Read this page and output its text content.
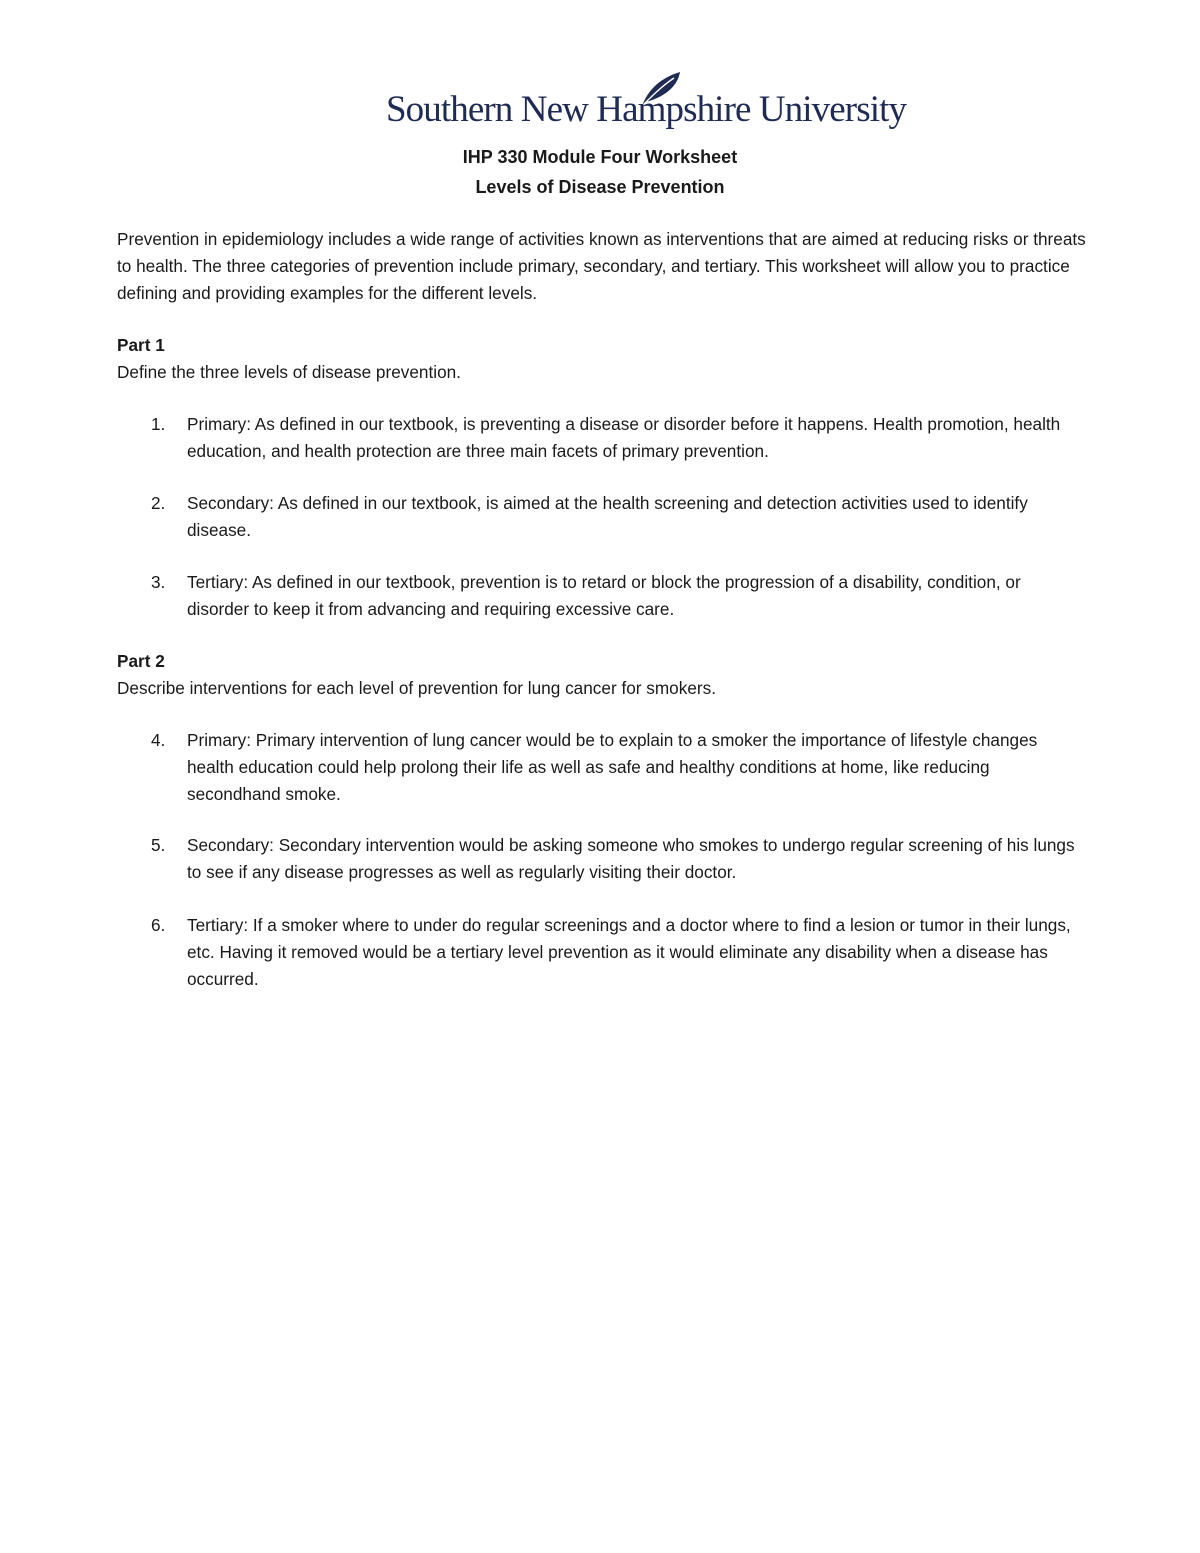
Southern New Hampshire University
IHP 330 Module Four Worksheet
Levels of Disease Prevention

Prevention in epidemiology includes a wide range of activities known as interventions that are aimed at reducing risks or threats to health. The three categories of prevention include primary, secondary, and tertiary. This worksheet will allow you to practice defining and providing examples for the different levels.

Part 1

Define the three levels of disease prevention.

1. Primary: As defined in our textbook, is preventing a disease or disorder before it happens. Health promotion, health education, and health protection are three main facets of primary prevention.
2. Secondary: As defined in our textbook, is aimed at the health screening and detection activities used to identify disease.
3. Tertiary: As defined in our textbook, prevention is to retard or block the progression of a disability, condition, or disorder to keep it from advancing and requiring excessive care.

Part 2

Describe interventions for each level of prevention for lung cancer for smokers.

4. Primary: Primary intervention of lung cancer would be to explain to a smoker the importance of lifestyle changes health education could help prolong their life as well as safe and healthy conditions at home, like reducing secondhand smoke.
5. Secondary: Secondary intervention would be asking someone who smokes to undergo regular screening of his lungs to see if any disease progresses as well as regularly visiting their doctor.
6. Tertiary: If a smoker where to under do regular screenings and a doctor where to find a lesion or tumor in their lungs, etc. Having it removed would be a tertiary level prevention as it would eliminate any disability when a disease has occurred.
